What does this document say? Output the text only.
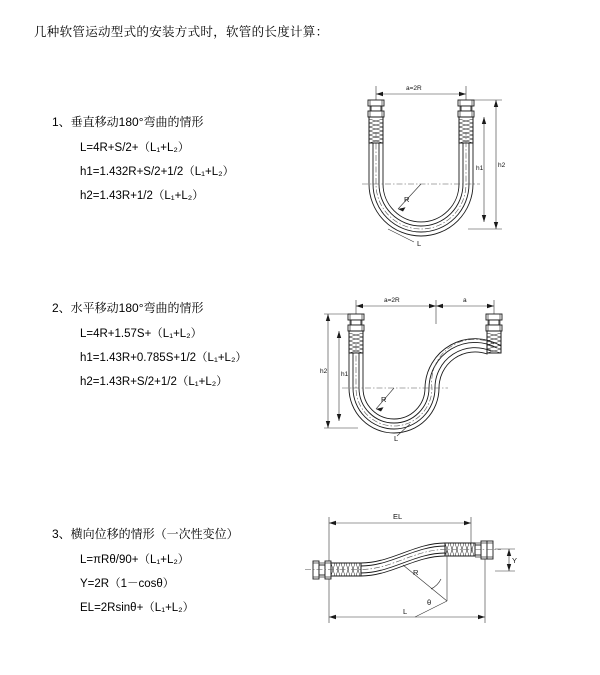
几种软管运动型式的安装方式时，软管的长度计算：
1、垂直移动180°弯曲的情形
L=4R+S/2+（L₁+L₂）
h1=1.432R+S/2+1/2（L₁+L₂）
h2=1.43R+1/2（L₁+L₂）
a=2R
R
h2
h1
L
2、水平移动180°弯曲的情形
L=4R+1.57S+（L₁+L₂）
h1=1.43R+0.785S+1/2（L₁+L₂）
h2=1.43R+S/2+1/2（L₁+L₂）
a=2R	a
R
h2 h1
L
3、横向位移的情形（一次性变位）
L=πRθ/90+（L₁+L₂）
Y=2R（1－cosθ）
EL=2Rsinθ+（L₁+L₂）
EL
R
θ
Y
L
